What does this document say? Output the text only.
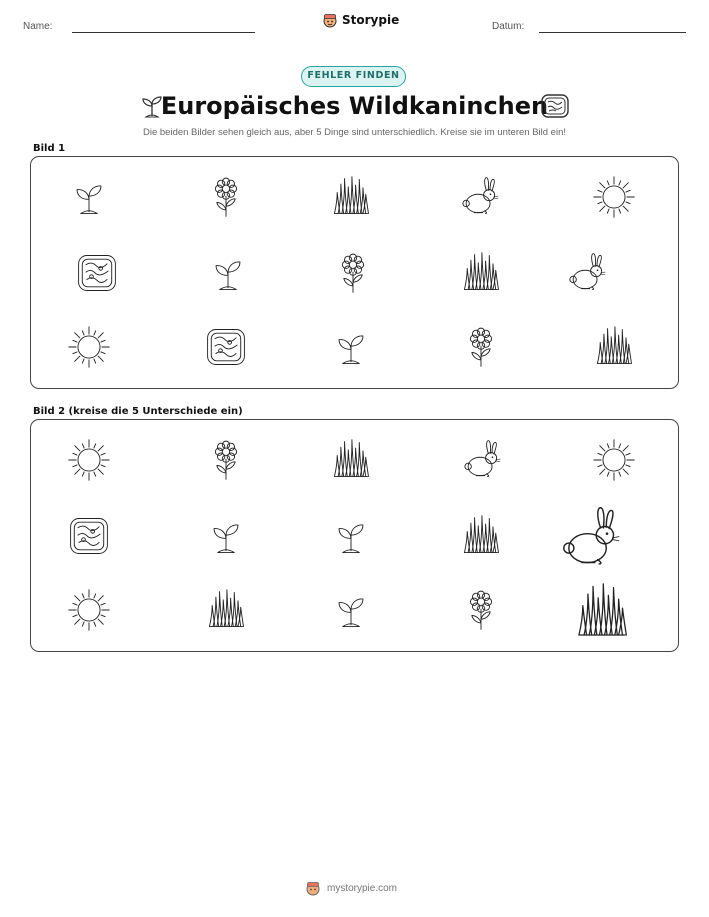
Name:	Storypie	Datum:
FEHLER FINDEN
Europäisches Wildkaninchen
Die beiden Bilder sehen gleich aus, aber 5 Dinge sind unterschiedlich. Kreise sie im unteren Bild ein!
Bild 1
Bild 2 (kreise die 5 Unterschiede ein)
mystorypie.com
